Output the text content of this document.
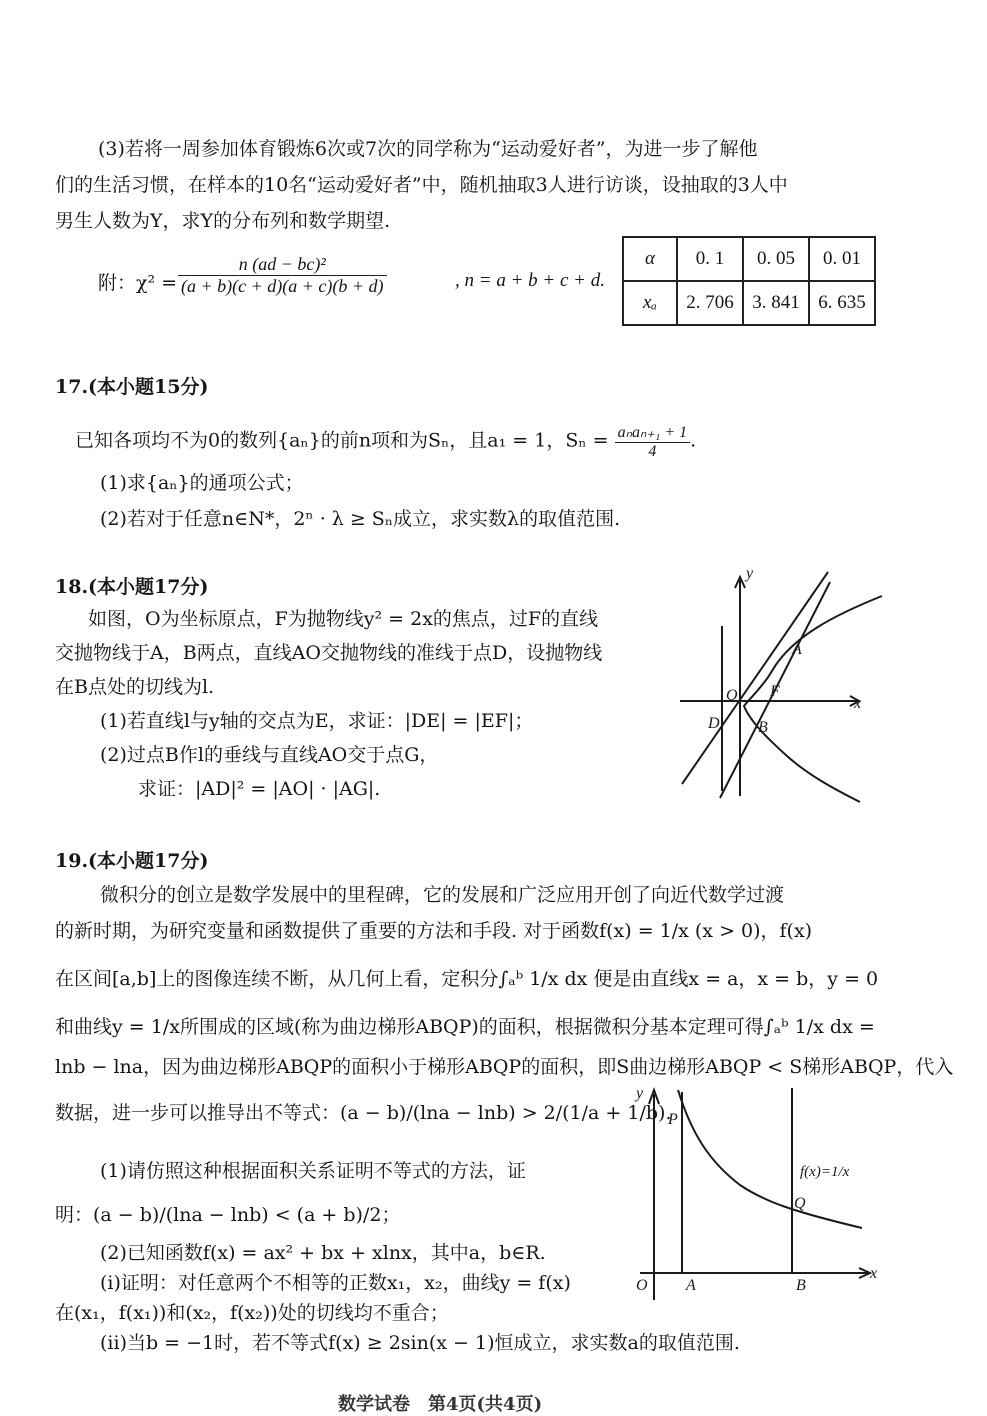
(3)若将一周参加体育锻炼6次或7次的同学称为“运动爱好者”，为进一步了解他
们的生活习惯，在样本的10名“运动爱好者”中，随机抽取3人进行访谈，设抽取的3人中
男生人数为Y，求Y的分布列和数学期望.
附：$\chi^2 = \frac{\text{n (ad − bc)²}}{(a + b)(c + d)(a + c)(b + d)}$	, n = a + b + c + d.
α	0. 1	0. 05	0. 01
xₐ	2. 706	3. 841	6. 635
17.(本小题15分)
已知各项均不为0的数列{aₙ}的前n项和为Sₙ，且a₁ = 1，$S_n = \frac{\text{aₙaₙ₊₁ + 1}}{4}$ .
(1)求{aₙ}的通项公式；
(2)若对于任意n∈N*，2ⁿ · λ ≥ Sₙ成立，求实数λ的取值范围.
18.(本小题17分)
如图，O为坐标原点，F为抛物线y² = 2x的焦点，过F的直线
交抛物线于A，B两点，直线AO交抛物线的准线于点D，设抛物线
在B点处的切线为l.
(1)若直线l与y轴的交点为E，求证：|DE| = |EF|；
(2)过点B作l的垂线与直线AO交于点G，
求证：|AD|² = |AO| · |AG|.
y
x
A
O F
D B
19.(本小题17分)
微积分的创立是数学发展中的里程碑，它的发展和广泛应用开创了向近代数学过渡
的新时期，为研究变量和函数提供了重要的方法和手段. 对于函数f(x) = 1/x (x > 0)，f(x)
在区间[a,b]上的图像连续不断，从几何上看，定积分∫ₐᵇ 1/x dx 便是由直线x = a，x = b，y = 0
和曲线y = 1/x所围成的区域(称为曲边梯形ABQP)的面积，根据微积分基本定理可得∫ₐᵇ 1/x dx =
lnb − lna，因为曲边梯形ABQP的面积小于梯形ABQP的面积，即S曲边梯形ABQP < S梯形ABQP，代入
数据，进一步可以推导出不等式：(a − b)/(lna − lnb) > 2/(1/a + 1/b).
(1)请仿照这种根据面积关系证明不等式的方法，证
明：(a − b)/(lna − lnb) < (a + b)/2；
(2)已知函数f(x) = ax² + bx + xlnx，其中a，b∈R.
(i)证明：对任意两个不相等的正数x₁，x₂，曲线y = f(x)
在(x₁，f(x₁))和(x₂，f(x₂))处的切线均不重合；
(ii)当b = −1时，若不等式f(x) ≥ 2sin(x − 1)恒成立，求实数a的取值范围.
y
x
P
Q
O A	B
f(x)=1/x
数学试卷　第4页(共4页)
